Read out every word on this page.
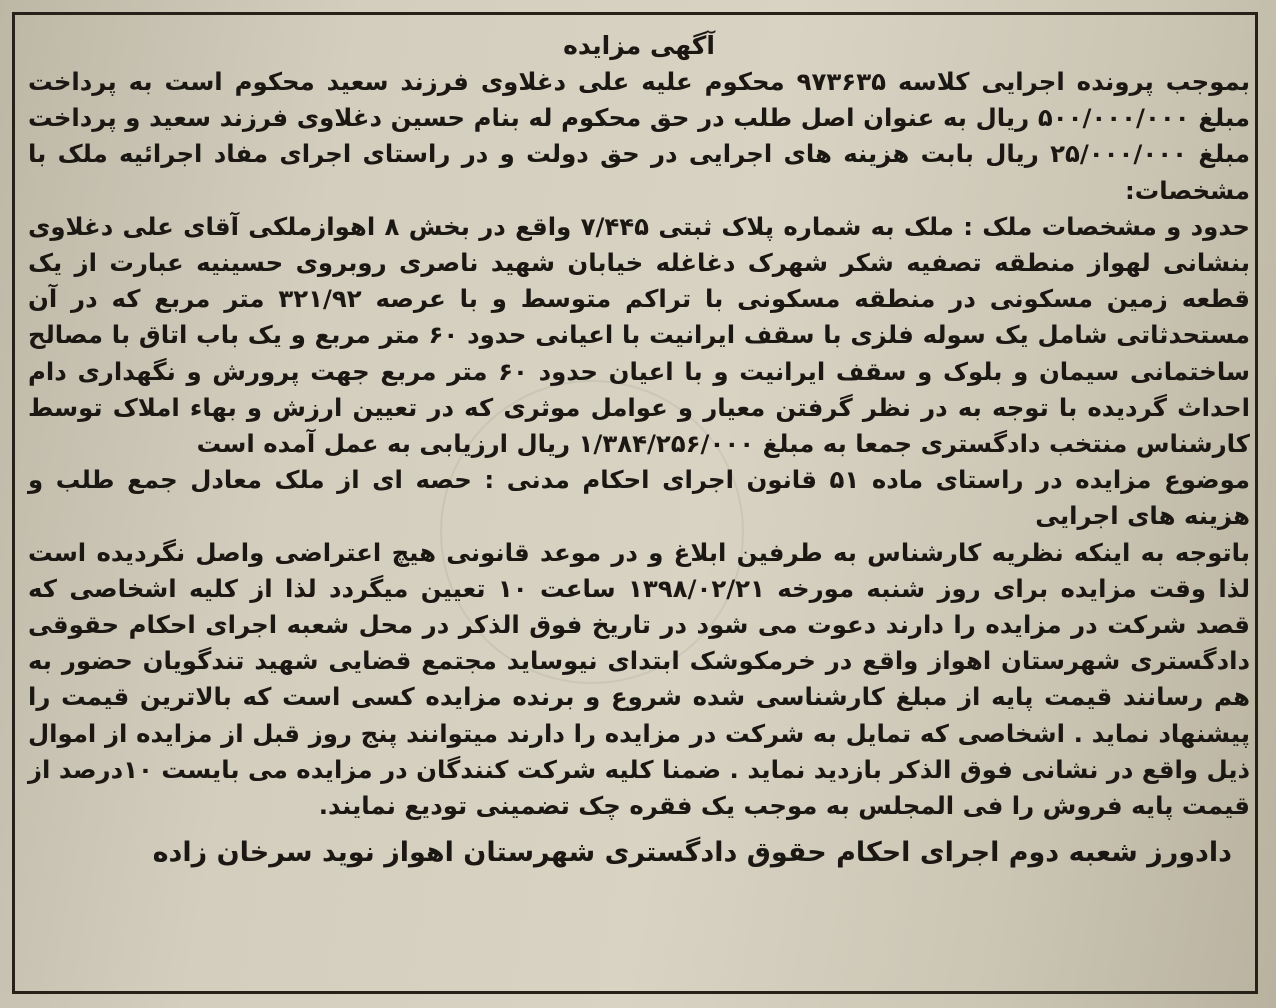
آگهی مزایده

بموجب پرونده اجرایی کلاسه ۹۷۳۶۳۵ محکوم علیه علی دغلاوی فرزند سعید محکوم است به پرداخت مبلغ ۵۰۰/۰۰۰/۰۰۰ ریال به عنوان اصل طلب در حق محکوم له بنام حسین دغلاوی فرزند سعید و پرداخت مبلغ ۲۵/۰۰۰/۰۰۰ ریال بابت هزینه های اجرایی در حق دولت و در راستای اجرای مفاد اجرائیه ملک با مشخصات:

حدود و مشخصات ملک : ملک به شماره پلاک ثبتی ۷/۴۴۵ واقع در بخش ۸ اهوازملکی آقای علی دغلاوی بنشانی لهواز منطقه تصفیه شکر شهرک دغاغله خیابان شهید ناصری روبروی حسینیه عبارت از یک قطعه زمین مسکونی در منطقه مسکونی با تراکم متوسط و با عرصه ۳۲۱/۹۲ متر مربع که در آن مستحدثاتی شامل یک سوله فلزی با سقف ایرانیت با اعیانی حدود ۶۰ متر مربع و یک باب اتاق با مصالح ساختمانی سیمان و بلوک و سقف ایرانیت و با اعیان حدود ۶۰ متر مربع جهت پرورش و نگهداری دام احداث گردیده با توجه به در نظر گرفتن معیار و عوامل موثری که در تعیین ارزش و بهاء املاک توسط کارشناس منتخب دادگستری جمعا به مبلغ ۱/۳۸۴/۲۵۶/۰۰۰ ریال ارزیابی به عمل آمده است

موضوع مزایده در راستای ماده ۵۱ قانون اجرای احکام مدنی : حصه ای از ملک معادل جمع طلب و هزینه های اجرایی

باتوجه به اینکه نظریه کارشناس به طرفین ابلاغ و در موعد قانونی هیچ اعتراضی واصل نگردیده است لذا وقت مزایده برای روز شنبه مورخه ۱۳۹۸/۰۲/۲۱ ساعت ۱۰ تعیین میگردد لذا از کلیه اشخاصی که قصد شرکت در مزایده را دارند دعوت می شود در تاریخ فوق الذکر در محل شعبه اجرای احکام حقوقی دادگستری شهرستان اهواز واقع در خرمکوشک ابتدای نیوساید مجتمع قضایی شهید تندگویان حضور به هم رسانند قیمت پایه از مبلغ کارشناسی شده شروع و برنده مزایده کسی است که بالاترین قیمت را پیشنهاد نماید . اشخاصی که تمایل به شرکت در مزایده را دارند میتوانند پنج روز قبل از مزایده از اموال ذیل واقع در نشانی فوق الذکر بازدید نماید . ضمنا کلیه شرکت کنندگان در مزایده می بایست ۱۰درصد از قیمت پایه فروش را فی المجلس به موجب یک فقره چک تضمینی تودیع نمایند.

دادورز شعبه دوم اجرای احکام حقوق دادگستری شهرستان اهواز نوید سرخان زاده
